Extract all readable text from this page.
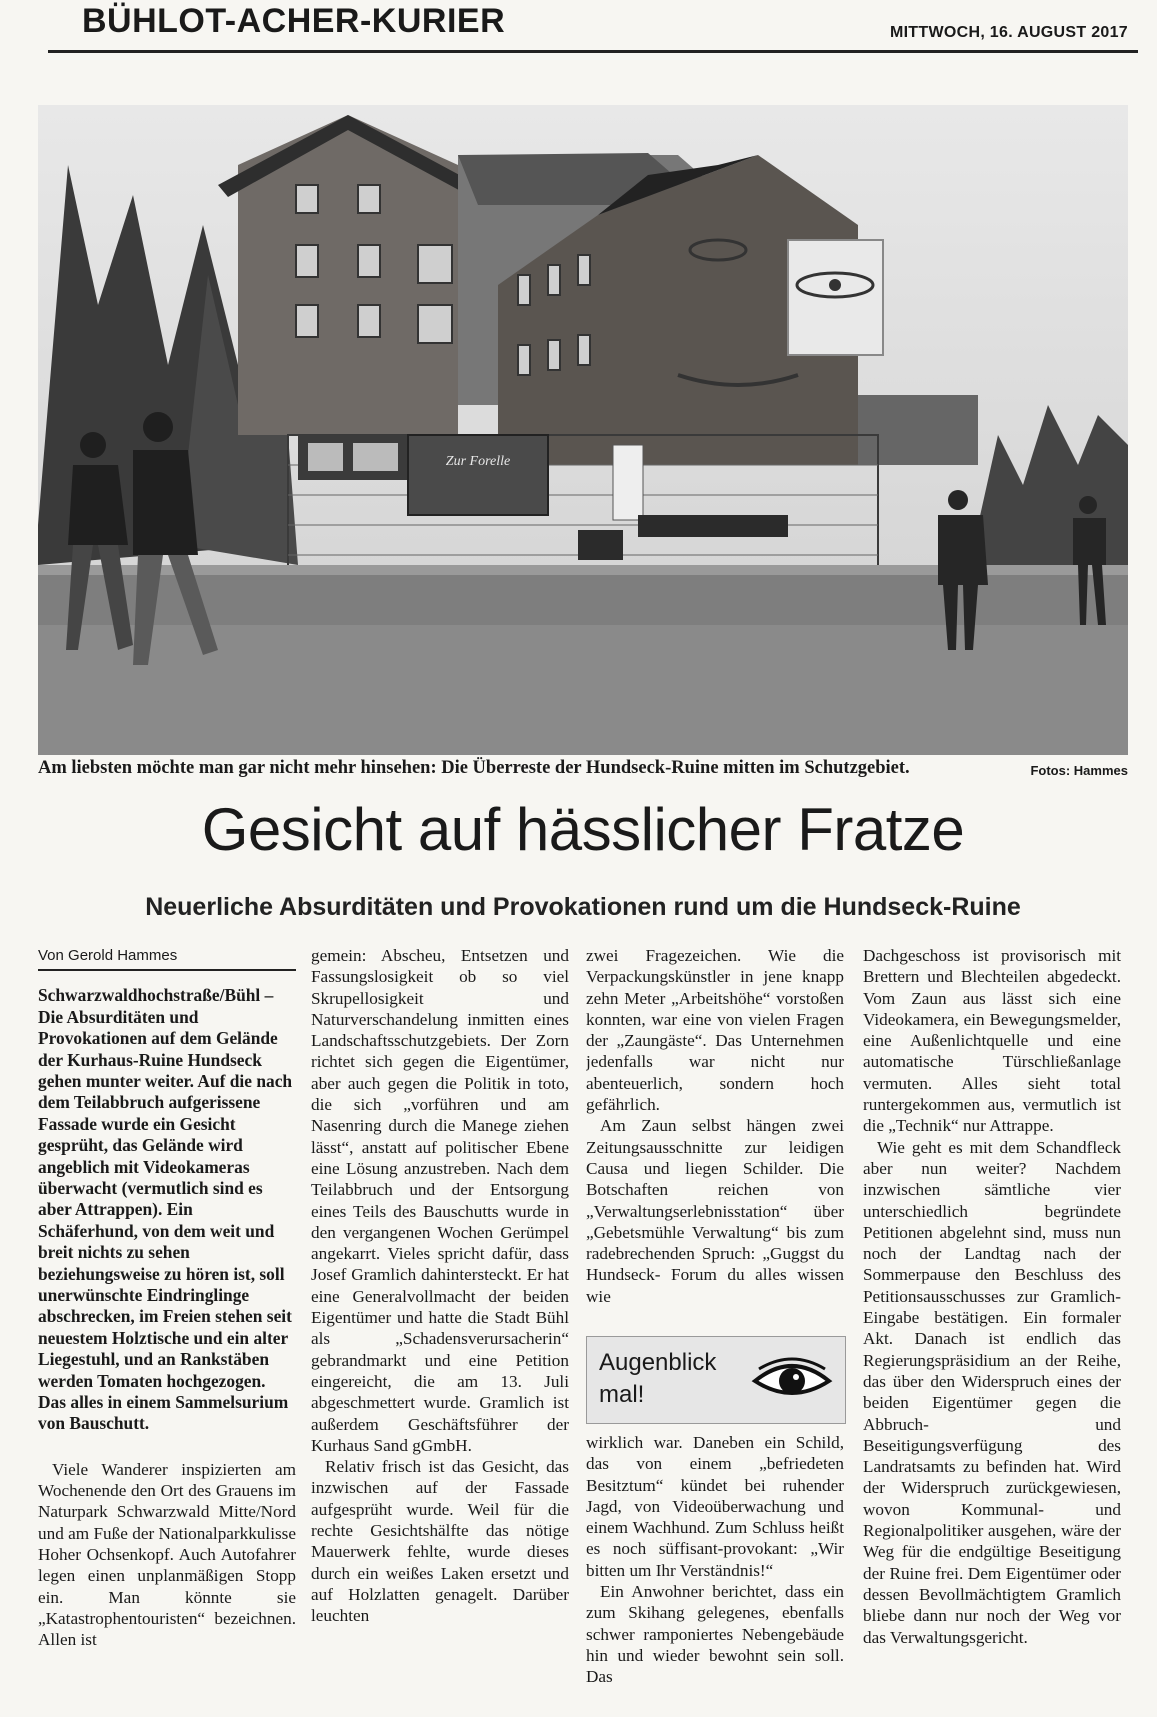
BÜHLOT-ACHER-KURIER	MITTWOCH, 16. AUGUST 2017
Zur Forelle
Am liebsten möchte man gar nicht mehr hinsehen: Die Überreste der Hundseck-Ruine mitten im Schutzgebiet.	Fotos: Hammes
Gesicht auf hässlicher Fratze
Neuerliche Absurditäten und Provokationen rund um die Hundseck-Ruine
Von Gerold Hammes

Schwarzwaldhochstraße/Bühl – Die Absurditäten und Provokationen auf dem Gelände der Kurhaus-Ruine Hundseck gehen munter weiter. Auf die nach dem Teilabbruch aufgerissene Fassade wurde ein Gesicht gesprüht, das Gelände wird angeblich mit Videokameras überwacht (vermutlich sind es aber Attrappen). Ein Schäferhund, von dem weit und breit nichts zu sehen beziehungsweise zu hören ist, soll unerwünschte Eindringlinge abschrecken, im Freien stehen seit neuestem Holztische und ein alter Liegestuhl, und an Rankstäben werden Tomaten hochgezogen. Das alles in einem Sammelsurium von Bauschutt.

Viele Wanderer inspizierten am Wochenende den Ort des Grauens im Naturpark Schwarzwald Mitte/Nord und am Fuße der Nationalparkkulisse Hoher Ochsenkopf. Auch Autofahrer legen einen unplanmäßigen Stopp ein. Man könnte sie „Katastrophentouristen“ bezeichnen. Allen ist

gemein: Abscheu, Entsetzen und Fassungslosigkeit ob so viel Skrupellosigkeit und Naturverschandelung inmitten eines Landschaftsschutzgebiets. Der Zorn richtet sich gegen die Eigentümer, aber auch gegen die Politik in toto, die sich „vorführen und am Nasenring durch die Manege ziehen lässt“, anstatt auf politischer Ebene eine Lösung anzustreben. Nach dem Teilabbruch und der Entsorgung eines Teils des Bauschutts wurde in den vergangenen Wochen Gerümpel angekarrt. Vieles spricht dafür, dass Josef Gramlich dahintersteckt. Er hat eine Generalvollmacht der beiden Eigentümer und hatte die Stadt Bühl als „Schadensverursacherin“ gebrandmarkt und eine Petition eingereicht, die am 13. Juli abgeschmettert wurde. Gramlich ist außerdem Geschäftsführer der Kurhaus Sand gGmbH.

Relativ frisch ist das Gesicht, das inzwischen auf der Fassade aufgesprüht wurde. Weil für die rechte Gesichtshälfte das nötige Mauerwerk fehlte, wurde dieses durch ein weißes Laken ersetzt und auf Holzlatten genagelt. Darüber leuchten

zwei Fragezeichen. Wie die Verpackungskünstler in jene knapp zehn Meter „Arbeitshöhe“ vorstoßen konnten, war eine von vielen Fragen der „Zaungäste“. Das Unternehmen jedenfalls war nicht nur abenteuerlich, sondern hoch gefährlich.

Am Zaun selbst hängen zwei Zeitungsausschnitte zur leidigen Causa und liegen Schilder. Die Botschaften reichen von „Verwaltungserlebnisstation“ über „Gebetsmühle Verwaltung“ bis zum radebrechenden Spruch: „Guggst du Hundseck- Forum du alles wissen wie

Augenblick mal!

wirklich war. Daneben ein Schild, das von einem „befriedeten Besitztum“ kündet bei ruhender Jagd, von Videoüberwachung und einem Wachhund. Zum Schluss heißt es noch süffisant-provokant: „Wir bitten um Ihr Verständnis!“

Ein Anwohner berichtet, dass ein zum Skihang gelegenes, ebenfalls schwer ramponiertes Nebengebäude hin und wieder bewohnt sein soll. Das

Dachgeschoss ist provisorisch mit Brettern und Blechteilen abgedeckt. Vom Zaun aus lässt sich eine Videokamera, ein Bewegungsmelder, eine Außenlichtquelle und eine automatische Türschließanlage vermuten. Alles sieht total runtergekommen aus, vermutlich ist die „Technik“ nur Attrappe.

Wie geht es mit dem Schandfleck aber nun weiter? Nachdem inzwischen sämtliche vier unterschiedlich begründete Petitionen abgelehnt sind, muss nun noch der Landtag nach der Sommerpause den Beschluss des Petitionsausschusses zur Gramlich-Eingabe bestätigen. Ein formaler Akt. Danach ist endlich das Regierungspräsidium an der Reihe, das über den Widerspruch eines der beiden Eigentümer gegen die Abbruch- und Beseitigungsverfügung des Landratsamts zu befinden hat. Wird der Widerspruch zurückgewiesen, wovon Kommunal- und Regionalpolitiker ausgehen, wäre der Weg für die endgültige Beseitigung der Ruine frei. Dem Eigentümer oder dessen Bevollmächtigtem Gramlich bliebe dann nur noch der Weg vor das Verwaltungsgericht.
